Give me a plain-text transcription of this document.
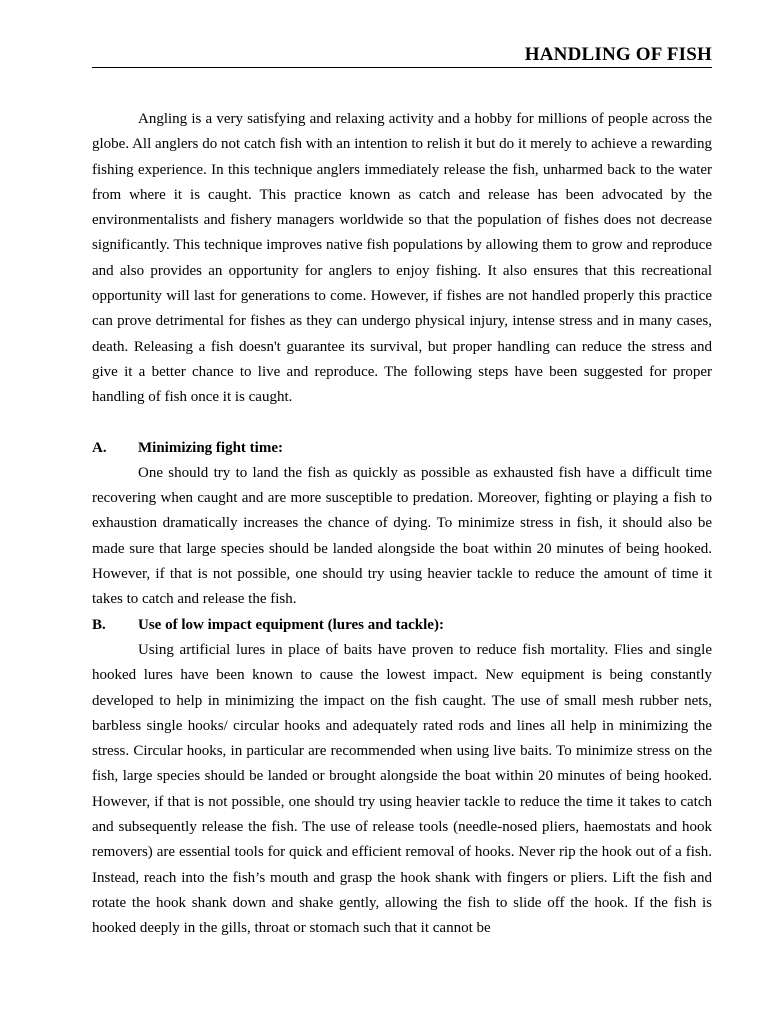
HANDLING OF FISH

Angling is a very satisfying and relaxing activity and a hobby for millions of people across the globe. All anglers do not catch fish with an intention to relish it but do it merely to achieve a rewarding fishing experience. In this technique anglers immediately release the fish, unharmed back to the water from where it is caught. This practice known as catch and release has been advocated by the environmentalists and fishery managers worldwide so that the population of fishes does not decrease significantly. This technique improves native fish populations by allowing them to grow and reproduce and also provides an opportunity for anglers to enjoy fishing. It also ensures that this recreational opportunity will last for generations to come. However, if fishes are not handled properly this practice can prove detrimental for fishes as they can undergo physical injury, intense stress and in many cases, death. Releasing a fish doesn't guarantee its survival, but proper handling can reduce the stress and give it a better chance to live and reproduce. The following steps have been suggested for proper handling of fish once it is caught.

A.	Minimizing fight time:

One should try to land the fish as quickly as possible as exhausted fish have a difficult time recovering when caught and are more susceptible to predation. Moreover, fighting or playing a fish to exhaustion dramatically increases the chance of dying. To minimize stress in fish, it should also be made sure that large species should be landed alongside the boat within 20 minutes of being hooked. However, if that is not possible, one should try using heavier tackle to reduce the amount of time it takes to catch and release the fish.

B.	Use of low impact equipment (lures and tackle):

Using artificial lures in place of baits have proven to reduce fish mortality. Flies and single hooked lures have been known to cause the lowest impact. New equipment is being constantly developed to help in minimizing the impact on the fish caught. The use of small mesh rubber nets, barbless single hooks/ circular hooks and adequately rated rods and lines all help in minimizing the stress. Circular hooks, in particular are recommended when using live baits. To minimize stress on the fish, large species should be landed or brought alongside the boat within 20 minutes of being hooked. However, if that is not possible, one should try using heavier tackle to reduce the time it takes to catch and subsequently release the fish. The use of release tools (needle-nosed pliers, haemostats and hook removers) are essential tools for quick and efficient removal of hooks. Never rip the hook out of a fish. Instead, reach into the fish’s mouth and grasp the hook shank with fingers or pliers. Lift the fish and rotate the hook shank down and shake gently, allowing the fish to slide off the hook. If the fish is hooked deeply in the gills, throat or stomach such that it cannot be
